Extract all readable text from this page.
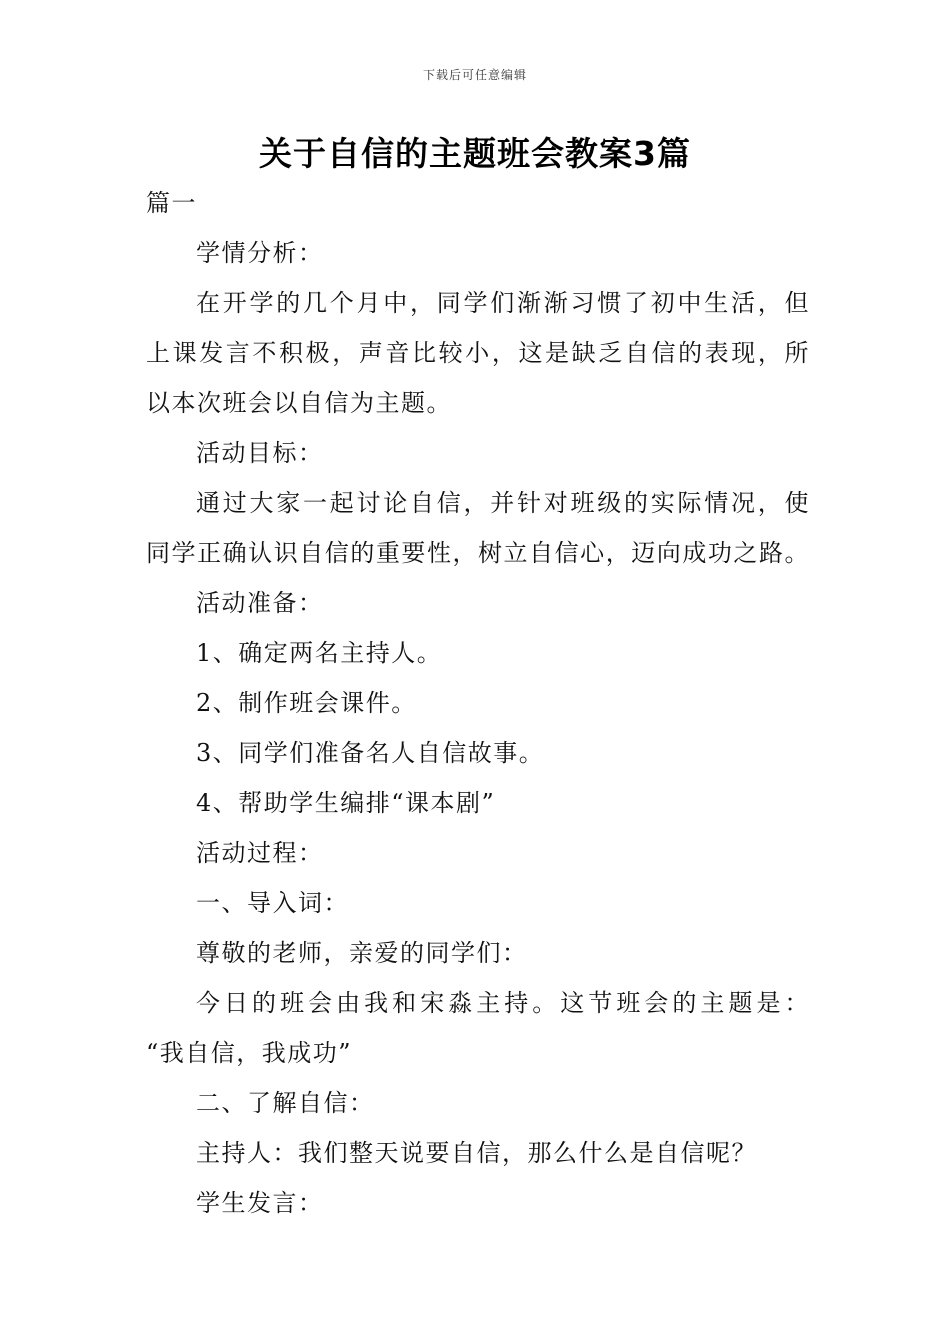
下载后可任意编辑
关于自信的主题班会教案3篇
篇一
学情分析：
在开学的几个月中，同学们渐渐习惯了初中生活，但
上课发言不积极，声音比较小，这是缺乏自信的表现，所
以本次班会以自信为主题。
活动目标：
通过大家一起讨论自信，并针对班级的实际情况，使
同学正确认识自信的重要性，树立自信心，迈向成功之路。
活动准备：
1、确定两名主持人。
2、制作班会课件。
3、同学们准备名人自信故事。
4、帮助学生编排“课本剧”
活动过程：
一、导入词：
尊敬的老师，亲爱的同学们：
今日的班会由我和宋淼主持。这节班会的主题是：
“我自信，我成功”
二、了解自信：
主持人：我们整天说要自信，那么什么是自信呢？
学生发言：
